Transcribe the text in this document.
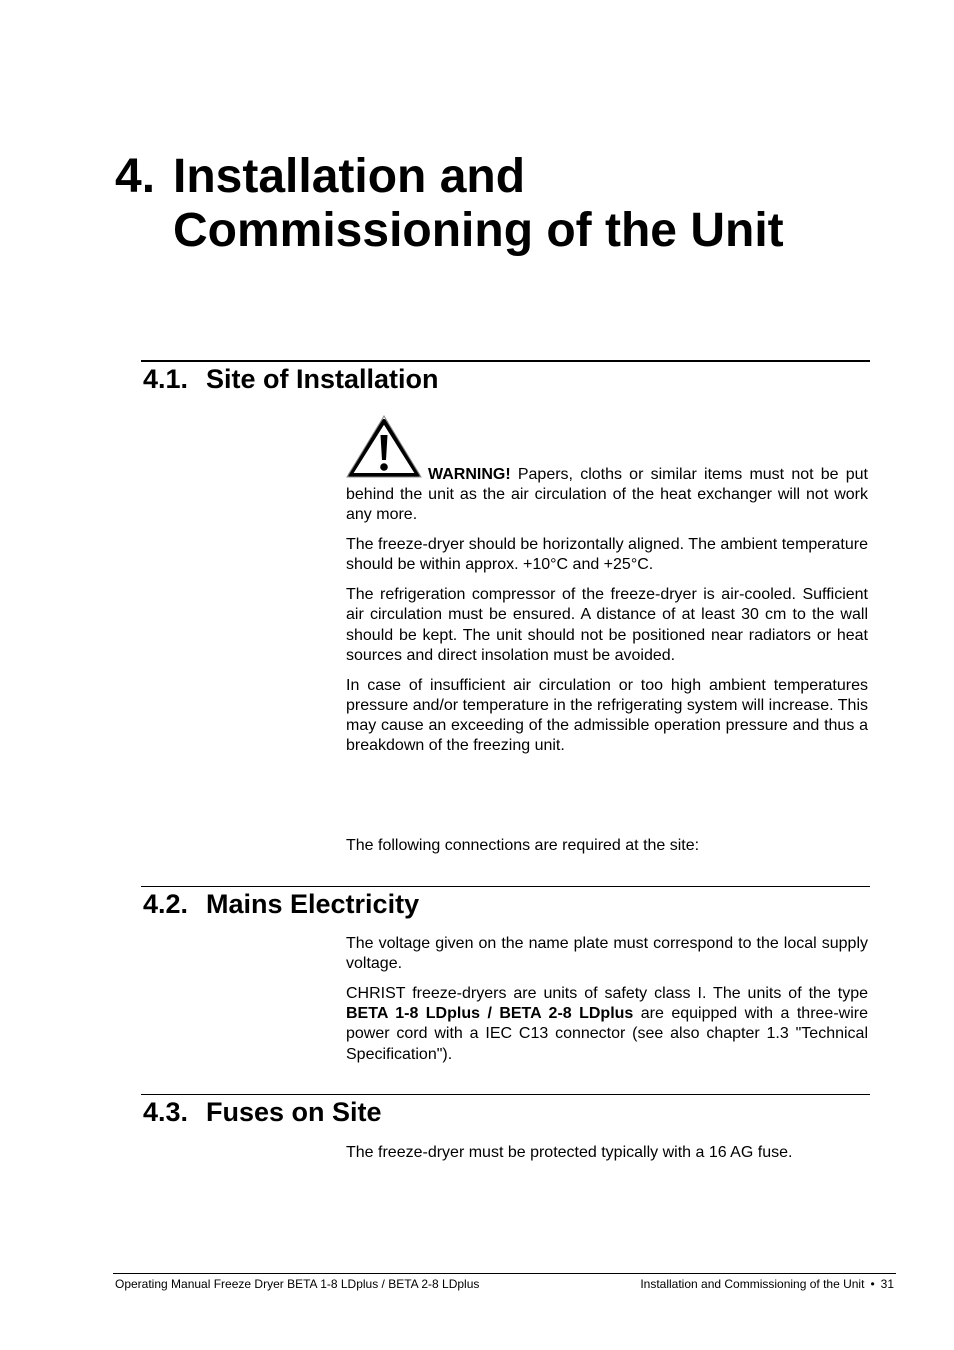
4. Installation and
Commissioning of the Unit
4.1. Site of Installation

WARNING! Papers, cloths or similar items must not be put behind the unit as the air circulation of the heat exchanger will not work any more.

The freeze-dryer should be horizontally aligned. The ambient temperature should be within approx. +10°C and +25°C.

The refrigeration compressor of the freeze-dryer is air-cooled. Sufficient air circulation must be ensured. A distance of at least 30 cm to the wall should be kept. The unit should not be positioned near radiators or heat sources and direct insolation must be avoided.

In case of insufficient air circulation or too high ambient temperatures pressure and/or temperature in the refrigerating system will increase. This may cause an exceeding of the admissible operation pressure and thus a breakdown of the freezing unit.

The following connections are required at the site:
4.2. Mains Electricity

The voltage given on the name plate must correspond to the local supply voltage.

CHRIST freeze-dryers are units of safety class I. The units of the type BETA 1-8 LDplus / BETA 2-8 LDplus are equipped with a three-wire power cord with a IEC C13 connector (see also chapter 1.3 "Technical Specification").

4.3. Fuses on Site
The freeze-dryer must be protected typically with a 16 AG fuse.
Operating Manual Freeze Dryer BETA 1-8 LDplus / BETA 2-8 LDplus	Installation and Commissioning of the Unit • 31
